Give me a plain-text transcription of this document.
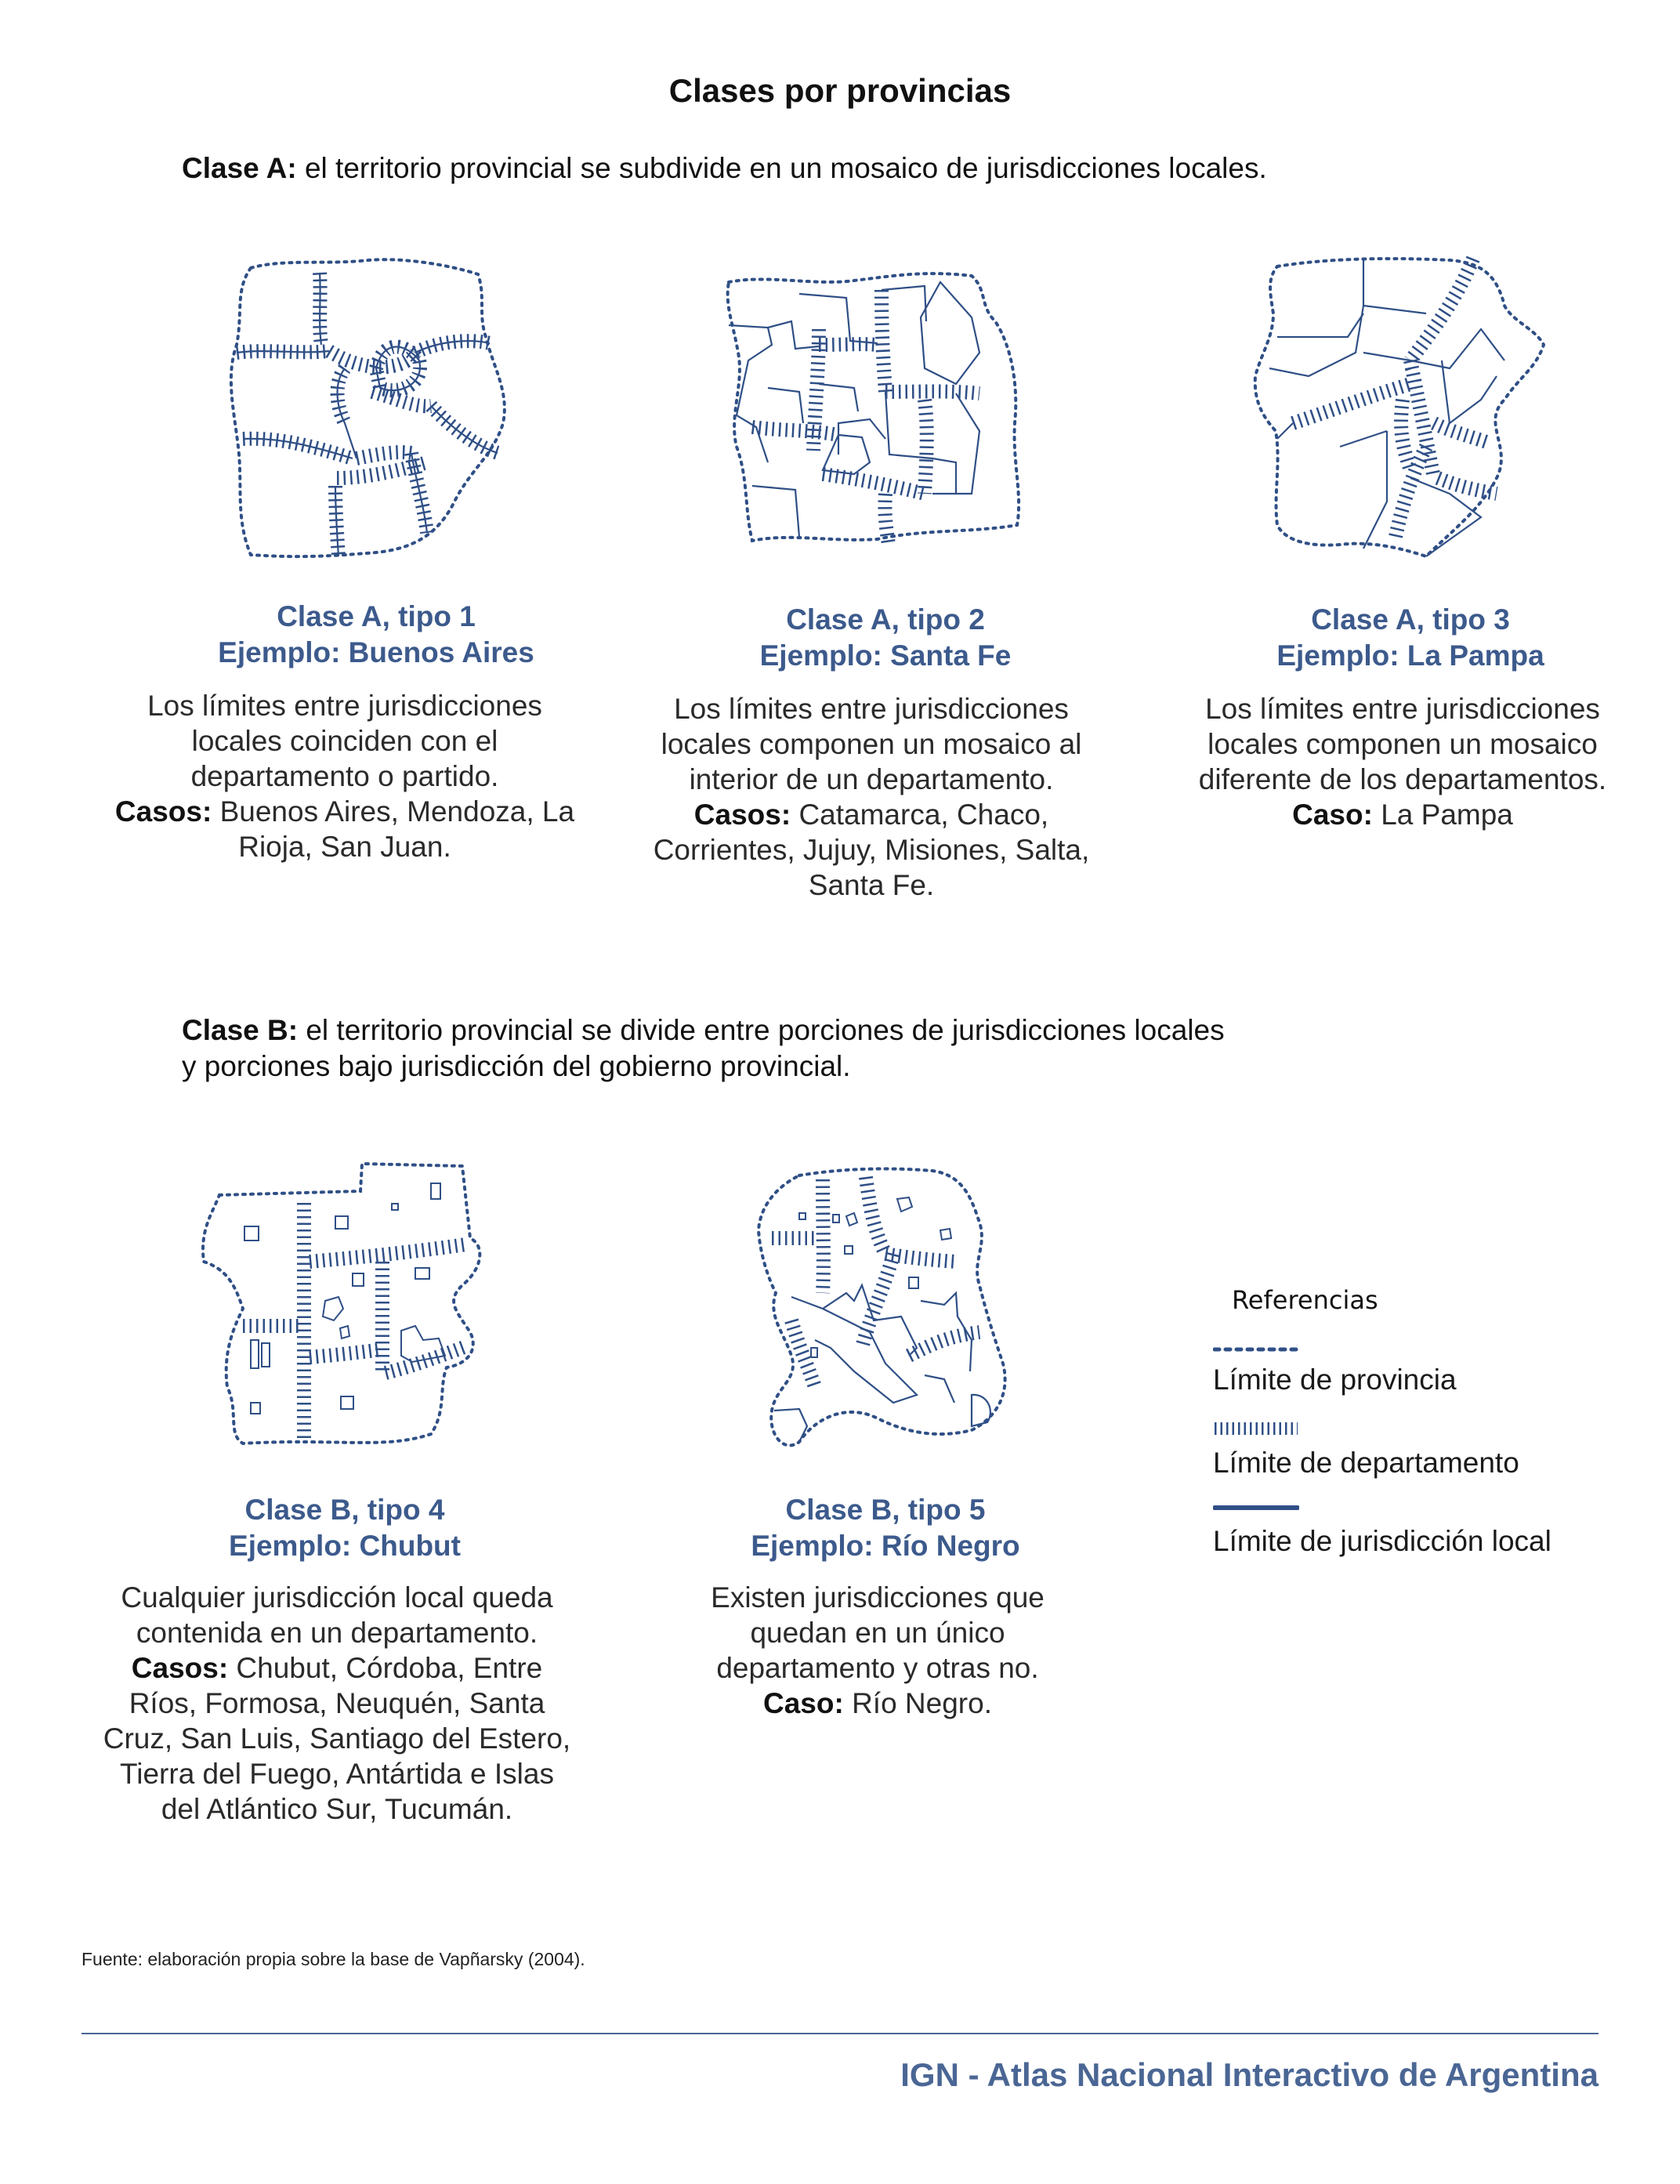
Clases por provincias
Clase A: el territorio provincial se subdivide en un mosaico de jurisdicciones locales.
Clase A, tipo 1
Ejemplo: Buenos Aires
Los límites entre jurisdicciones locales coinciden con el departamento o partido.
Casos: Buenos Aires, Mendoza, La Rioja, San Juan.
Clase A, tipo 2
Ejemplo: Santa Fe
Los límites entre jurisdicciones locales componen un mosaico al interior de un departamento.
Casos: Catamarca, Chaco, Corrientes, Jujuy, Misiones, Salta, Santa Fe.
Clase A, tipo 3
Ejemplo: La Pampa
Los límites entre jurisdicciones locales componen un mosaico diferente de los departamentos.
Caso: La Pampa
Clase B: el territorio provincial se divide entre porciones de jurisdicciones locales
y porciones bajo jurisdicción del gobierno provincial.
Clase B, tipo 4
Ejemplo: Chubut
Cualquier jurisdicción local queda contenida en un departamento. Casos: Chubut, Córdoba, Entre Ríos, Formosa, Neuquén, Santa Cruz, San Luis, Santiago del Estero, Tierra del Fuego, Antártida e Islas del Atlántico Sur, Tucumán.
Clase B, tipo 5
Ejemplo: Río Negro
Existen jurisdicciones que quedan en un único departamento y otras no.
Caso: Río Negro.
Referencias
Límite de provincia
Límite de departamento
Límite de jurisdicción local
Fuente: elaboración propia sobre la base de Vapñarsky (2004).
IGN - Atlas Nacional Interactivo de Argentina
